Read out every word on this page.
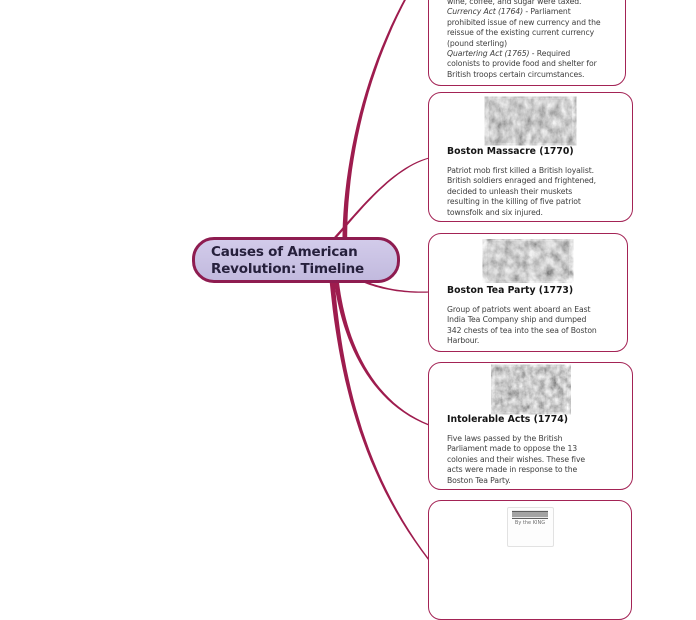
wine, coffee, and sugar were taxed.
Currency Act (1764) - Parliament
prohibited issue of new currency and the
reissue of the existing current currency
(pound sterling)
Quartering Act (1765) - Required
colonists to provide food and shelter for
British troops certain circumstances.
Boston Massacre (1770)
Patriot mob first killed a British loyalist.
British soldiers enraged and frightened,
decided to unleash their muskets
resulting in the killing of five patriot
townsfolk and six injured.
Boston Tea Party (1773)
Group of patriots went aboard an East
India Tea Company ship and dumped
342 chests of tea into the sea of Boston
Harbour.
Intolerable Acts (1774)
Five laws passed by the British
Parliament made to oppose the 13
colonies and their wishes. These five
acts were made in response to the
Boston Tea Party.
By the KING
Causes of American
Revolution: Timeline
